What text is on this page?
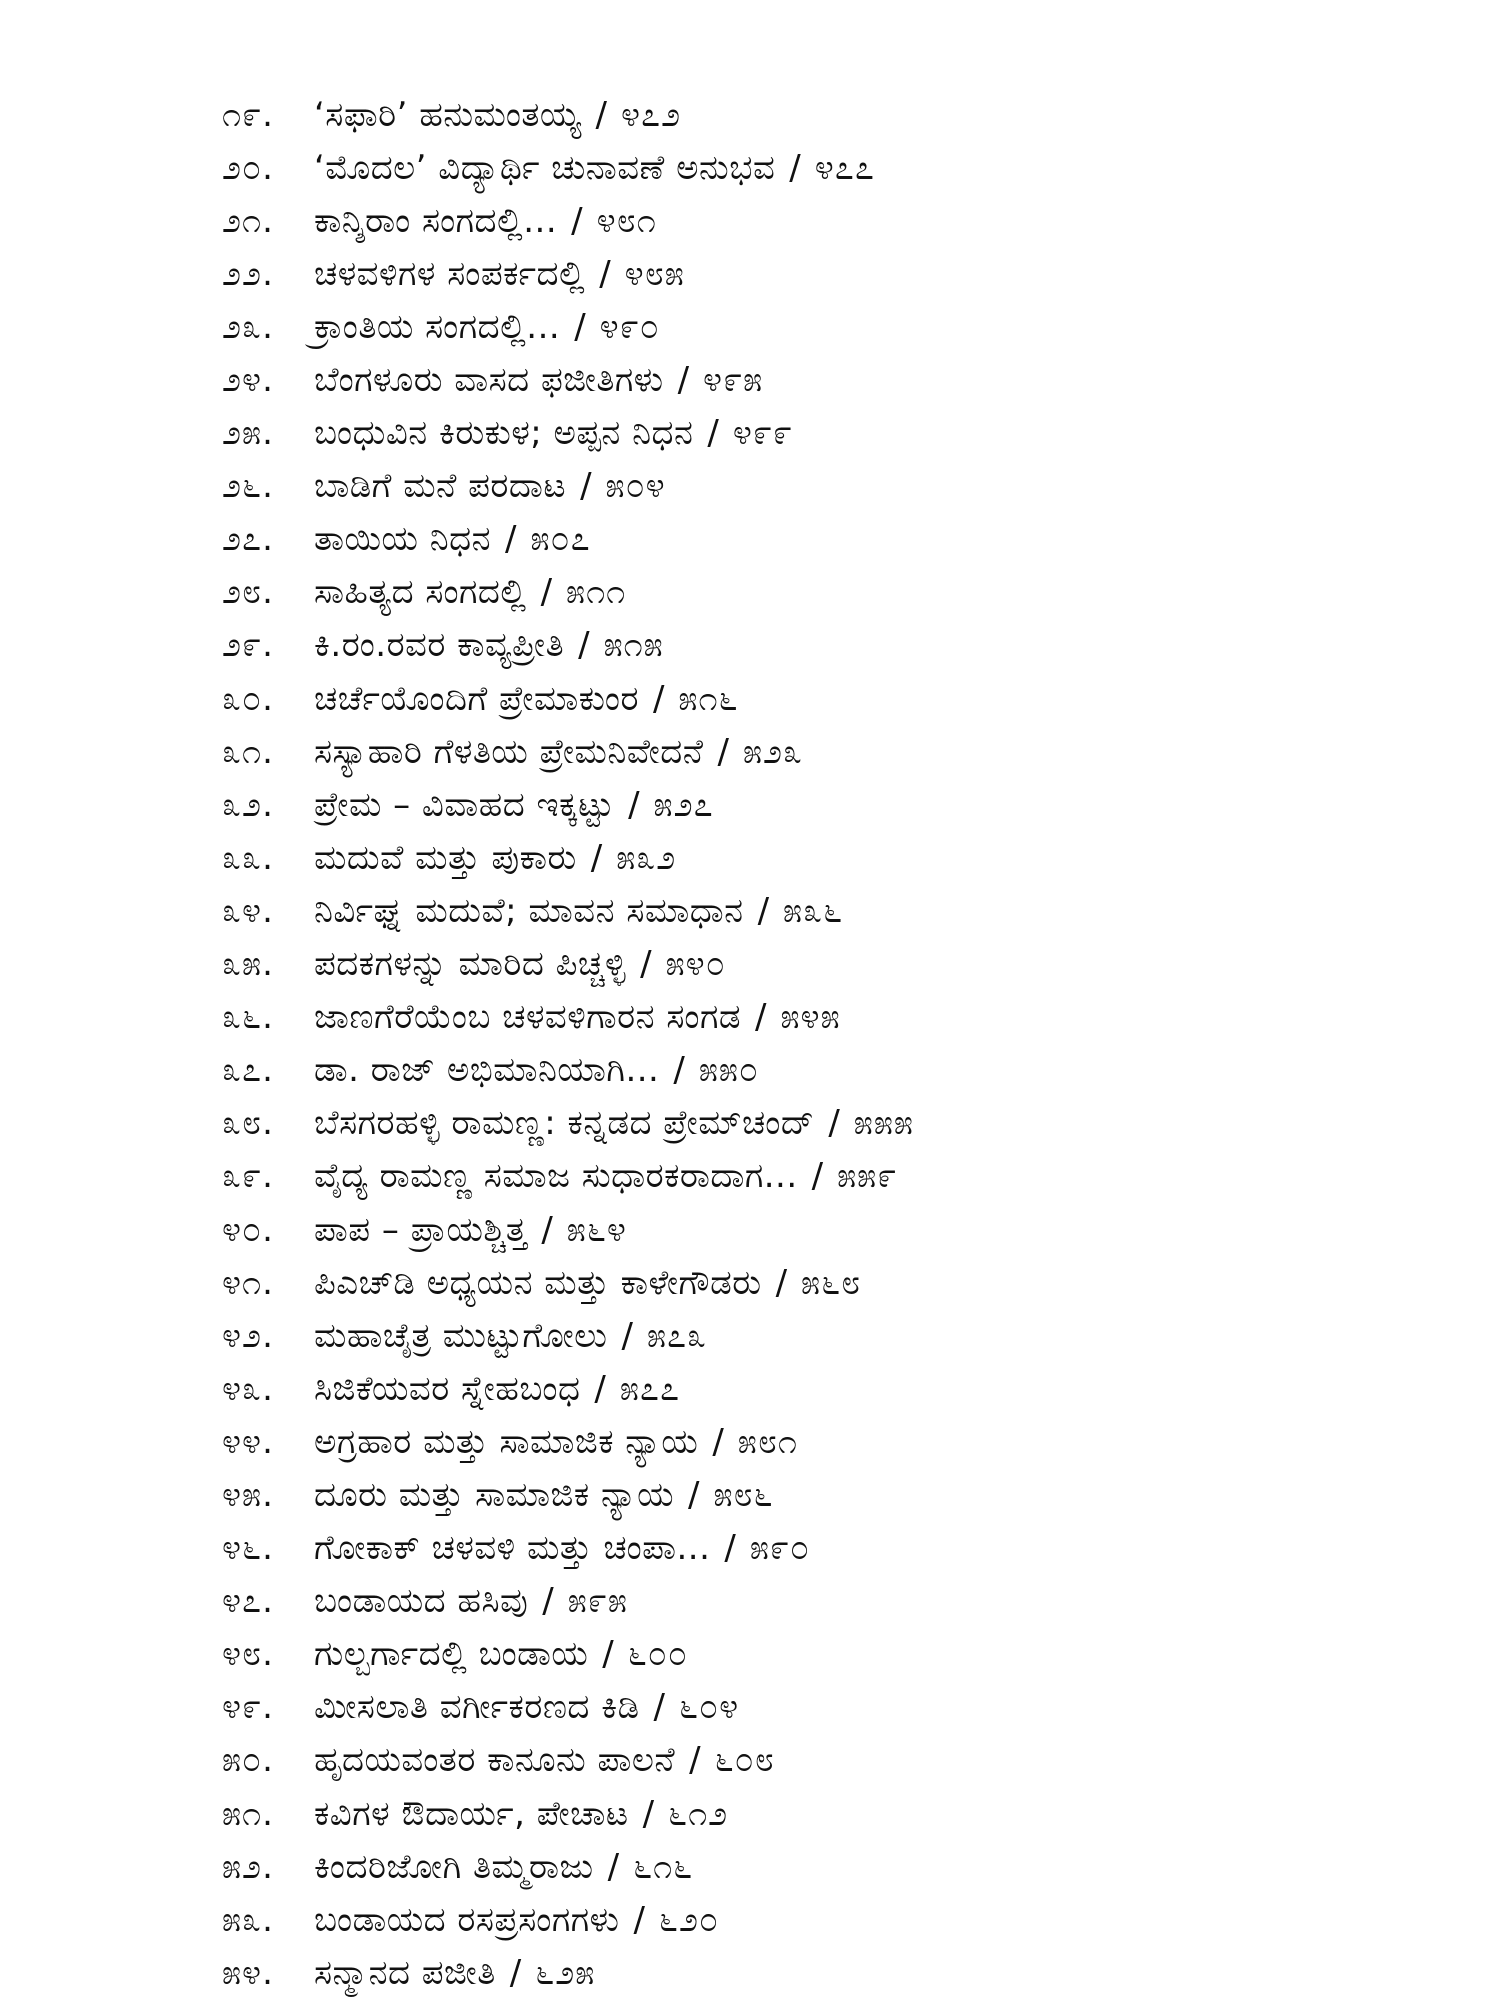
೧೯.	‘ಸಫಾರಿ’ ಹನುಮಂತಯ್ಯ / ೪೭೨
೨೦.	‘ಮೊದಲ’ ವಿದ್ಯಾರ್ಥಿ ಚುನಾವಣೆ ಅನುಭವ / ೪೭೭
೨೧.	ಕಾನ್ಶಿರಾಂ ಸಂಗದಲ್ಲಿ... / ೪೮೧
೨೨.	ಚಳವಳಿಗಳ ಸಂಪರ್ಕದಲ್ಲಿ / ೪೮೫
೨೩.	ಕ್ರಾಂತಿಯ ಸಂಗದಲ್ಲಿ... / ೪೯೦
೨೪.	ಬೆಂಗಳೂರು ವಾಸದ ಫಜೀತಿಗಳು / ೪೯೫
೨೫.	ಬಂಧುವಿನ ಕಿರುಕುಳ; ಅಪ್ಪನ ನಿಧನ / ೪೯೯
೨೬.	ಬಾಡಿಗೆ ಮನೆ ಪರದಾಟ / ೫೦೪
೨೭.	ತಾಯಿಯ ನಿಧನ / ೫೦೭
೨೮.	ಸಾಹಿತ್ಯದ ಸಂಗದಲ್ಲಿ / ೫೧೧
೨೯.	ಕಿ.ರಂ.ರವರ ಕಾವ್ಯಪ್ರೀತಿ / ೫೧೫
೩೦.	ಚರ್ಚೆಯೊಂದಿಗೆ ಪ್ರೇಮಾಕುಂರ / ೫೧೬
೩೧.	ಸಸ್ಯಾಹಾರಿ ಗೆಳತಿಯ ಪ್ರೇಮನಿವೇದನೆ / ೫೨೩
೩೨.	ಪ್ರೇಮ – ವಿವಾಹದ ಇಕ್ಕಟ್ಟು / ೫೨೭
೩೩.	ಮದುವೆ ಮತ್ತು ಪುಕಾರು / ೫೩೨
೩೪.	ನಿರ್ವಿಘ್ನ ಮದುವೆ; ಮಾವನ ಸಮಾಧಾನ / ೫೩೬
೩೫.	ಪದಕಗಳನ್ನು ಮಾರಿದ ಪಿಚ್ಚಳ್ಳಿ / ೫೪೦
೩೬.	ಜಾಣಗೆರೆಯೆಂಬ ಚಳವಳಿಗಾರನ ಸಂಗಡ / ೫೪೫
೩೭.	ಡಾ. ರಾಜ್ ಅಭಿಮಾನಿಯಾಗಿ... / ೫೫೦
೩೮.	ಬೆಸಗರಹಳ್ಳಿ ರಾಮಣ್ಣ: ಕನ್ನಡದ ಪ್ರೇಮ್‌ಚಂದ್ / ೫೫೫
೩೯.	ವೈದ್ಯ ರಾಮಣ್ಣ ಸಮಾಜ ಸುಧಾರಕರಾದಾಗ... / ೫೫೯
೪೦.	ಪಾಪ – ಪ್ರಾಯಶ್ಚಿತ್ತ / ೫೬೪
೪೧.	ಪಿಎಚ್‌ಡಿ ಅಧ್ಯಯನ ಮತ್ತು ಕಾಳೇಗೌಡರು / ೫೬೮
೪೨.	ಮಹಾಚೈತ್ರ ಮುಟ್ಟುಗೋಲು / ೫೭೩
೪೩.	ಸಿಜಿಕೆಯವರ ಸ್ನೇಹಬಂಧ / ೫೭೭
೪೪.	ಅಗ್ರಹಾರ ಮತ್ತು ಸಾಮಾಜಿಕ ನ್ಯಾಯ / ೫೮೧
೪೫.	ದೂರು ಮತ್ತು ಸಾಮಾಜಿಕ ನ್ಯಾಯ / ೫೮೬
೪೬.	ಗೋಕಾಕ್ ಚಳವಳಿ ಮತ್ತು ಚಂಪಾ... / ೫೯೦
೪೭.	ಬಂಡಾಯದ ಹಸಿವು / ೫೯೫
೪೮.	ಗುಲ್ಬರ್ಗಾದಲ್ಲಿ ಬಂಡಾಯ / ೬೦೦
೪೯.	ಮೀಸಲಾತಿ ವರ್ಗೀಕರಣದ ಕಿಡಿ / ೬೦೪
೫೦.	ಹೃದಯವಂತರ ಕಾನೂನು ಪಾಲನೆ / ೬೦೮
೫೧.	ಕವಿಗಳ ಔದಾರ್ಯ, ಪೇಚಾಟ / ೬೧೨
೫೨.	ಕಿಂದರಿಜೋಗಿ ತಿಮ್ಮರಾಜು / ೬೧೬
೫೩.	ಬಂಡಾಯದ ರಸಪ್ರಸಂಗಗಳು / ೬೨೦
೫೪.	ಸನ್ಮಾನದ ಪಜೀತಿ / ೬೨೫
